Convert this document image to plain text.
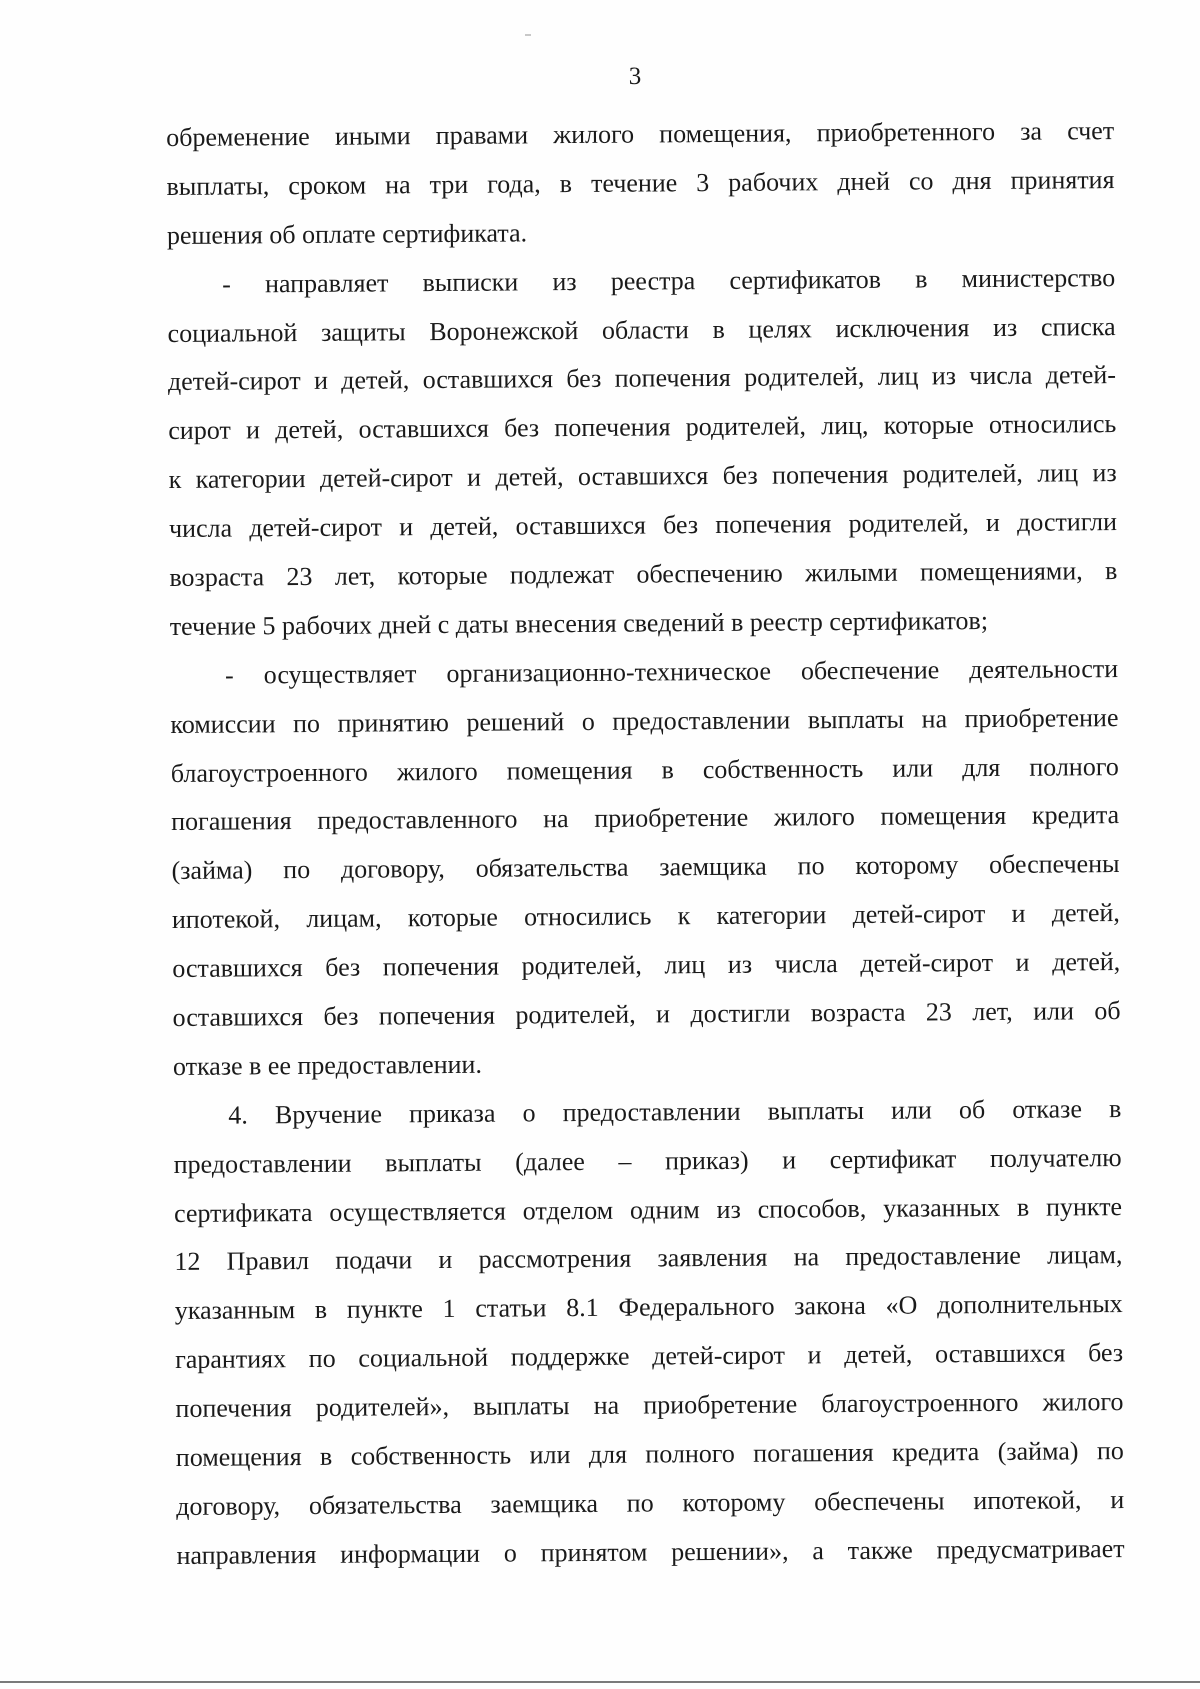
3
обременение иными правами жилого помещения, приобретенного за счет
выплаты, сроком на три года, в течение 3 рабочих дней со дня принятия
решения об оплате сертификата.
- направляет выписки из реестра сертификатов в министерство
социальной защиты Воронежской области в целях исключения из списка
детей-сирот и детей, оставшихся без попечения родителей, лиц из числа детей-
сирот и детей, оставшихся без попечения родителей, лиц, которые относились
к категории детей-сирот и детей, оставшихся без попечения родителей, лиц из
числа детей-сирот и детей, оставшихся без попечения родителей, и достигли
возраста 23 лет, которые подлежат обеспечению жилыми помещениями, в
течение 5 рабочих дней с даты внесения сведений в реестр сертификатов;
- осуществляет организационно-техническое обеспечение деятельности
комиссии по принятию решений о предоставлении выплаты на приобретение
благоустроенного жилого помещения в собственность или для полного
погашения предоставленного на приобретение жилого помещения кредита
(займа) по договору, обязательства заемщика по которому обеспечены
ипотекой, лицам, которые относились к категории детей-сирот и детей,
оставшихся без попечения родителей, лиц из числа детей-сирот и детей,
оставшихся без попечения родителей, и достигли возраста 23 лет, или об
отказе в ее предоставлении.
4. Вручение приказа о предоставлении выплаты или об отказе в
предоставлении выплаты (далее – приказ) и сертификат получателю
сертификата осуществляется отделом одним из способов, указанных в пункте
12 Правил подачи и рассмотрения заявления на предоставление лицам,
указанным в пункте 1 статьи 8.1 Федерального закона «О дополнительных
гарантиях по социальной поддержке детей-сирот и детей, оставшихся без
попечения родителей», выплаты на приобретение благоустроенного жилого
помещения в собственность или для полного погашения кредита (займа) по
договору, обязательства заемщика по которому обеспечены ипотекой, и
направления информации о принятом решении», а также предусматривает
